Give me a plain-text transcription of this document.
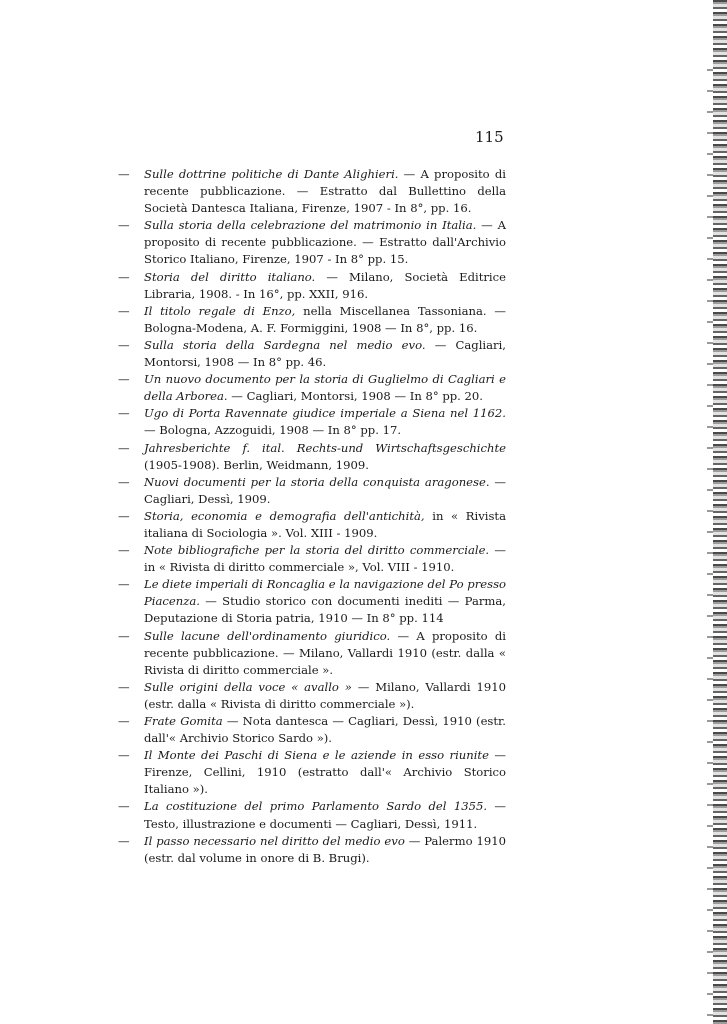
115
— Sulle dottrine politiche di Dante Alighieri. — A proposito di recente pubblicazione. — Estratto dal Bullettino della Società Dantesca Italiana, Firenze, 1907 - In 8°, pp. 16.
— Sulla storia della celebrazione del matrimonio in Italia. — A proposito di recente pubblicazione. — Estratto dall'Archivio Storico Italiano, Firenze, 1907 - In 8° pp. 15.
— Storia del diritto italiano. — Milano, Società Editrice Libraria, 1908. - In 16°, pp. XXII, 916.
— Il titolo regale di Enzo, nella Miscellanea Tassoniana. — Bologna-Modena, A. F. Formiggini, 1908 — In 8°, pp. 16.
— Sulla storia della Sardegna nel medio evo. — Cagliari, Montorsi, 1908 — In 8° pp. 46.
— Un nuovo documento per la storia di Guglielmo di Cagliari e della Arborea. — Cagliari, Montorsi, 1908 — In 8° pp. 20.
— Ugo di Porta Ravennate giudice imperiale a Siena nel 1162. — Bologna, Azzoguidi, 1908 — In 8° pp. 17.
— Jahresberichte f. ital. Rechts-und Wirtschaftsgeschichte (1905-1908). Berlin, Weidmann, 1909.
— Nuovi documenti per la storia della conquista aragonese. — Cagliari, Dessì, 1909.
— Storia, economia e demografia dell'antichità, in « Rivista italiana di Sociologia ». Vol. XIII - 1909.
— Note bibliografiche per la storia del diritto commerciale. — in « Rivista di diritto commerciale », Vol. VIII - 1910.
— Le diete imperiali di Roncaglia e la navigazione del Po presso Piacenza. — Studio storico con documenti inediti — Parma, Deputazione di Storia patria, 1910 — In 8° pp. 114
— Sulle lacune dell'ordinamento giuridico. — A proposito di recente pubblicazione. — Milano, Vallardi 1910 (estr. dalla « Rivista di diritto commerciale ».
— Sulle origini della voce « avallo » — Milano, Vallardi 1910 (estr. dalla « Rivista di diritto commerciale »).
— Frate Gomita — Nota dantesca — Cagliari, Dessì, 1910 (estr. dall'« Archivio Storico Sardo »).
— Il Monte dei Paschi di Siena e le aziende in esso riunite — Firenze, Cellini, 1910 (estratto dall'« Archivio Storico Italiano »).
— La costituzione del primo Parlamento Sardo del 1355. — Testo, illustrazione e documenti — Cagliari, Dessì, 1911.
— Il passo necessario nel diritto del medio evo — Palermo 1910 (estr. dal volume in onore di B. Brugi).
